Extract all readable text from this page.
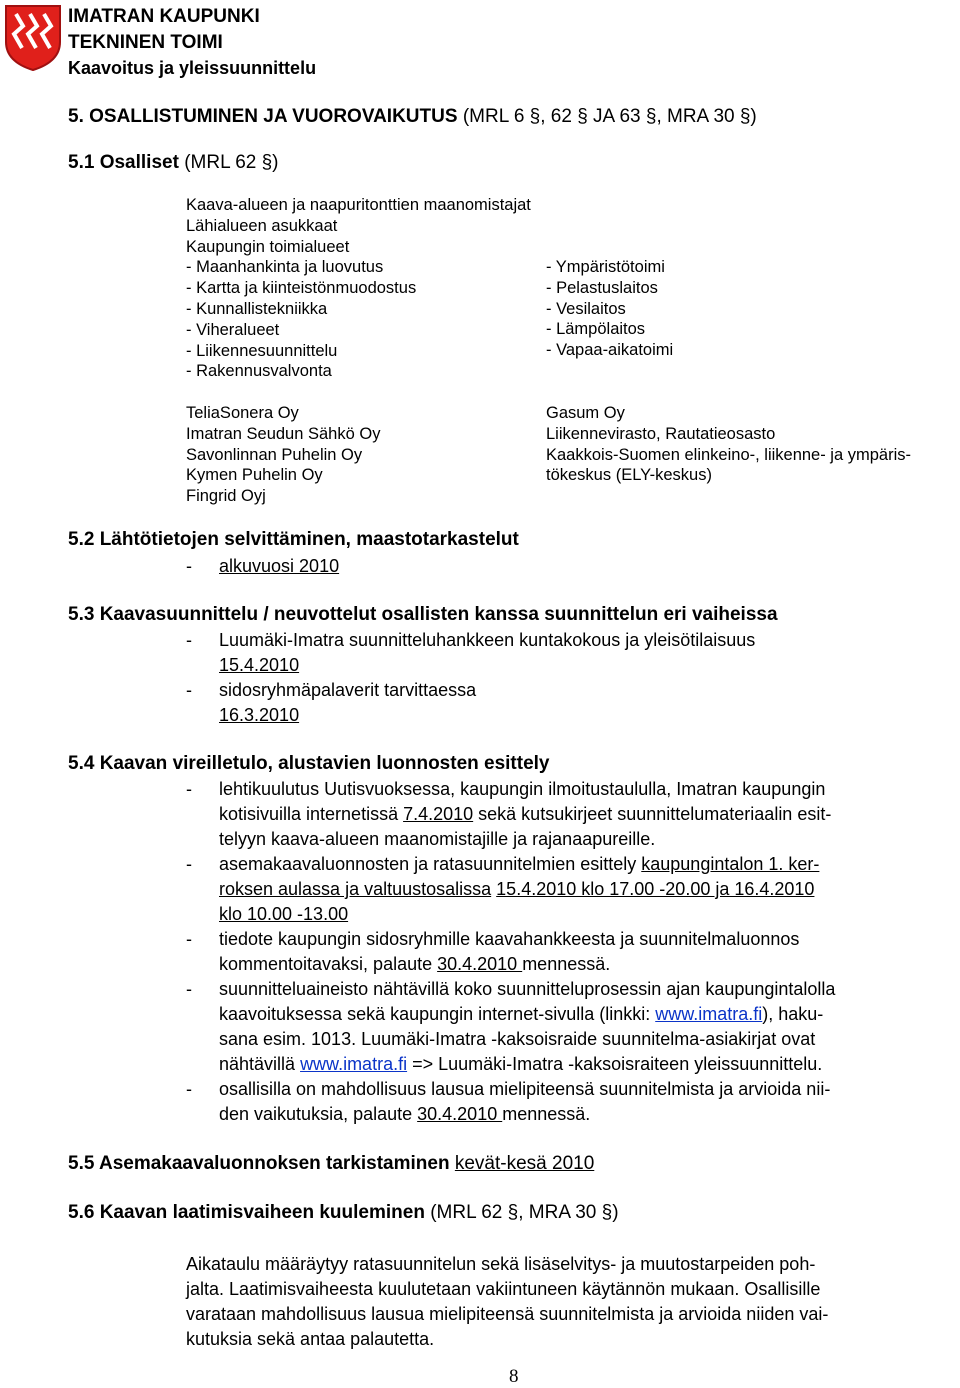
IMATRAN KAUPUNKI
TEKNINEN TOIMI
Kaavoitus ja yleissuunnittelu
5. OSALLISTUMINEN JA VUOROVAIKUTUS (MRL 6 §, 62 § JA 63 §, MRA 30 §)
5.1 Osalliset (MRL 62 §)
Kaava-alueen ja naapuritonttien maanomistajat
Lähialueen asukkaat
Kaupungin toimialueet
- Maanhankinta ja luovutus
- Kartta ja kiinteistönmuodostus
- Kunnallistekniikka
- Viheralueet
- Liikennesuunnittelu
- Rakennusvalvonta
- Ympäristötoimi
- Pelastuslaitos
- Vesilaitos
- Lämpölaitos
- Vapaa-aikatoimi
TeliaSonera Oy
Imatran Seudun Sähkö Oy
Savonlinnan Puhelin Oy
Kymen Puhelin Oy
Fingrid Oyj
Gasum Oy
Liikennevirasto, Rautatieosasto
Kaakkois-Suomen elinkeino-, liikenne- ja ympäris-
tökeskus (ELY-keskus)
5.2 Lähtötietojen selvittäminen, maastotarkastelut
- alkuvuosi 2010
5.3 Kaavasuunnittelu / neuvottelut osallisten kanssa suunnittelun eri vaiheissa
- Luumäki-Imatra suunnitteluhankkeen kuntakokous ja yleisötilaisuus
15.4.2010
- sidosryhmäpalaverit tarvittaessa
16.3.2010
5.4 Kaavan vireilletulo, alustavien luonnosten esittely
- lehtikuulutus Uutisvuoksessa, kaupungin ilmoitustaululla, Imatran kaupungin
kotisivuilla internetissä 7.4.2010 sekä kutsukirjeet suunnittelumateriaalin esit-
telyyn kaava-alueen maanomistajille ja rajanaapureille.
- asemakaavaluonnosten ja ratasuunnitelmien esittely kaupungintalon 1. ker-
roksen aulassa ja valtuustosalissa 15.4.2010 klo 17.00 -20.00 ja 16.4.2010
klo 10.00 -13.00
- tiedote kaupungin sidosryhmille kaavahankkeesta ja suunnitelmaluonnos
kommentoitavaksi, palaute 30.4.2010 mennessä.
- suunnitteluaineisto nähtävillä koko suunnitteluprosessin ajan kaupungintalolla
kaavoituksessa sekä kaupungin internet-sivulla (linkki: www.imatra.fi), haku-
sana esim. 1013. Luumäki-Imatra -kaksoisraide suunnitelma-asiakirjat ovat
nähtävillä www.imatra.fi => Luumäki-Imatra -kaksoisraiteen yleissuunnittelu.
- osallisilla on mahdollisuus lausua mielipiteensä suunnitelmista ja arvioida nii-
den vaikutuksia, palaute 30.4.2010 mennessä.
5.5 Asemakaavaluonnoksen tarkistaminen kevät-kesä 2010
5.6 Kaavan laatimisvaiheen kuuleminen (MRL 62 §, MRA 30 §)
Aikataulu määräytyy ratasuunnitelun sekä lisäselvitys- ja muutostarpeiden poh-
jalta. Laatimisvaiheesta kuulutetaan vakiintuneen käytännön mukaan. Osallisille
varataan mahdollisuus lausua mielipiteensä suunnitelmista ja arvioida niiden vai-
kutuksia sekä antaa palautetta.
8
